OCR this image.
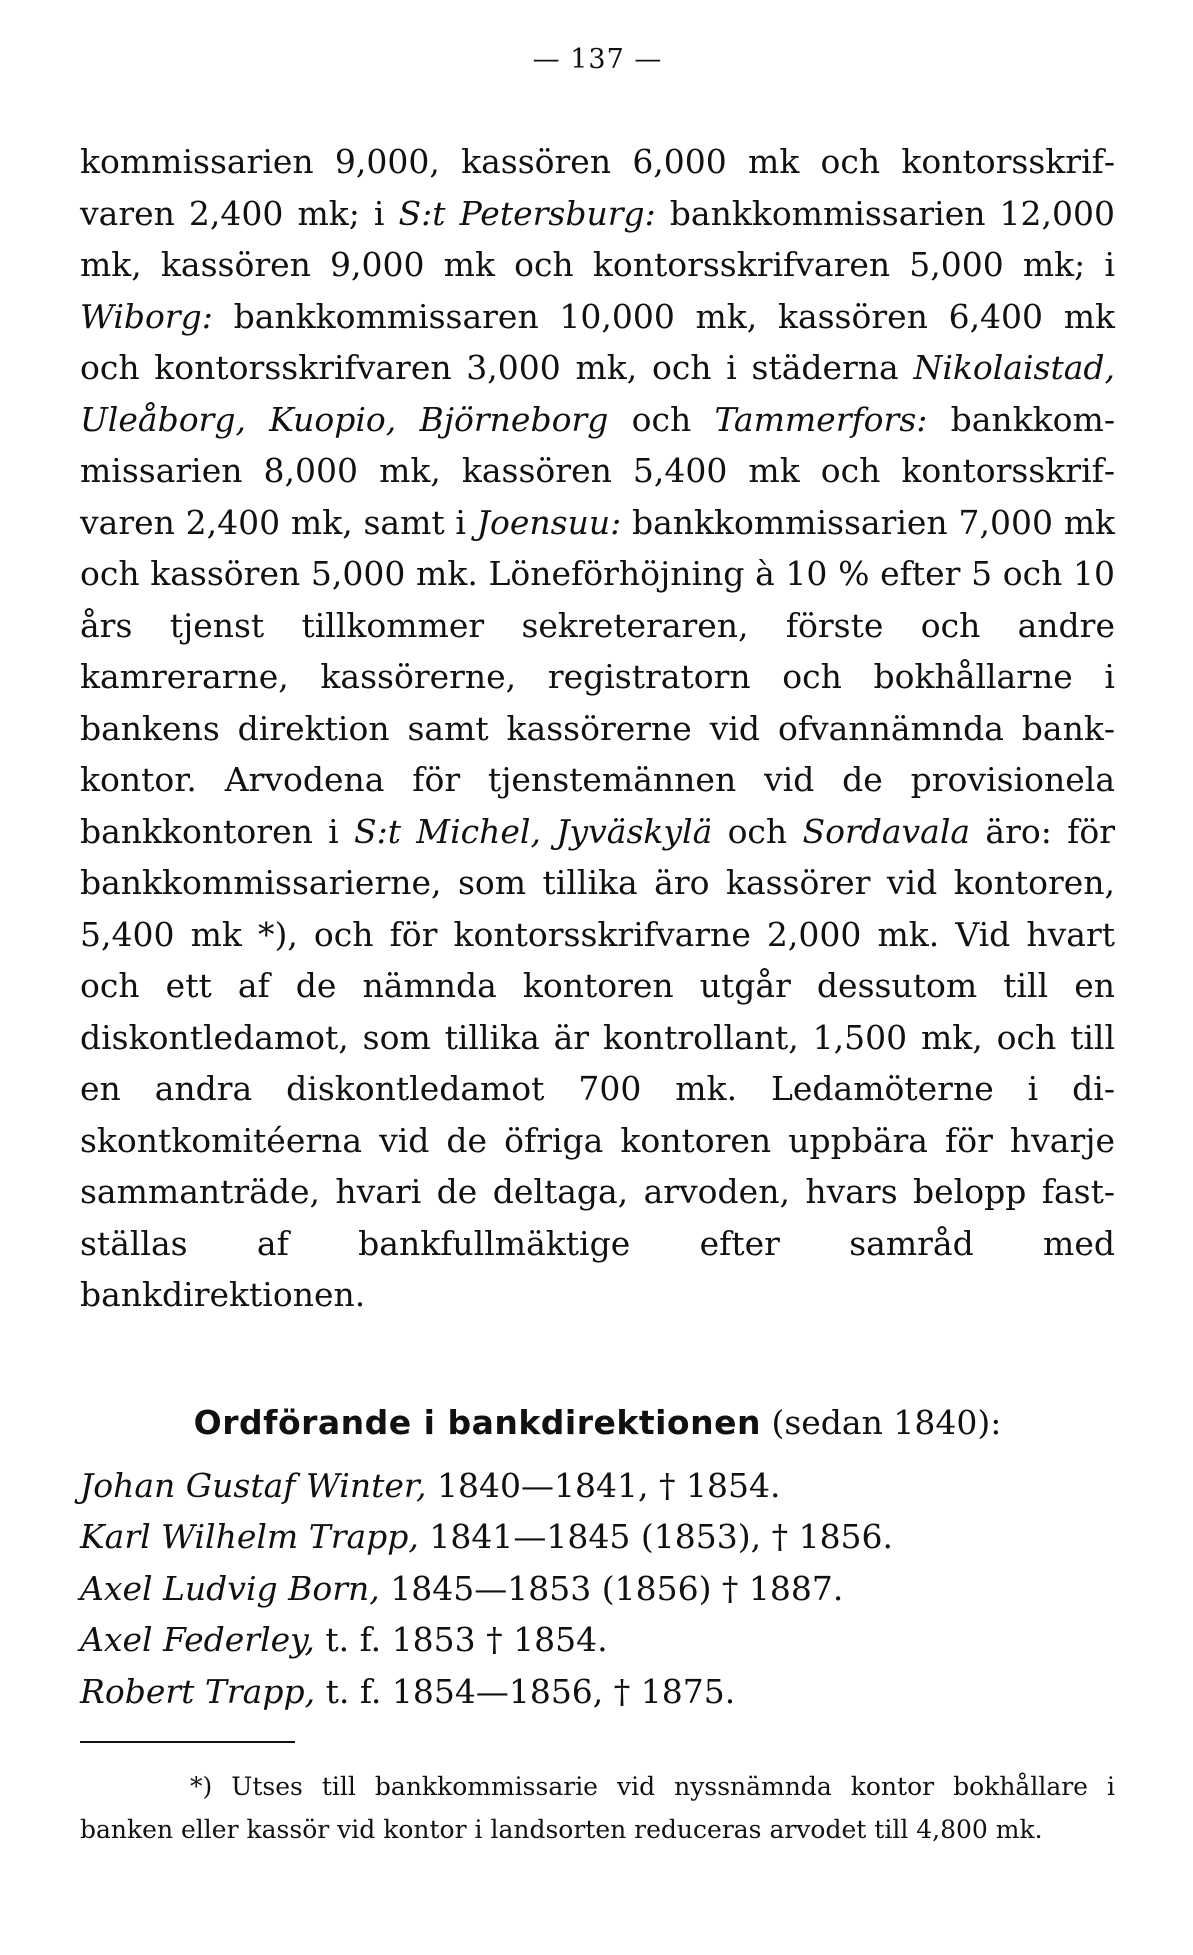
— 137 —

kommissarien 9,000, kassören 6,000 mk och kontorsskrifvaren 2,400 mk; i S:t Petersburg: bankkommissarien 12,000 mk, kassören 9,000 mk och kontorsskrifvaren 5,000 mk; i Wiborg: bankkommissaren 10,000 mk, kassören 6,400 mk och kontorsskrifvaren 3,000 mk, och i städerna Nikolaistad, Uleåborg, Kuopio, Björneborg och Tammerfors: bankkommissarien 8,000 mk, kassören 5,400 mk och kontorsskrifvaren 2,400 mk, samt i Joensuu: bankkommissarien 7,000 mk och kassören 5,000 mk. Löneförhöjning à 10 % efter 5 och 10 års tjenst tillkommer sekreteraren, förste och andre kamrerarne, kassörerne, registratorn och bokhållarne i bankens direktion samt kassörerne vid ofvannämnda bankkontor. Arvodena för tjenstemännen vid de provisionela bankkontoren i S:t Michel, Jyväskylä och Sordavala äro: för bankkommissarierne, som tillika äro kassörer vid kontoren, 5,400 mk *), och för kontorsskrifvarne 2,000 mk. Vid hvart och ett af de nämnda kontoren utgår dessutom till en diskontledamot, som tillika är kontrollant, 1,500 mk, och till en andra diskontledamot 700 mk. Ledamöterne i diskontkomitéerna vid de öfriga kontoren uppbära för hvarje sammanträde, hvari de deltaga, arvoden, hvars belopp fastställas af bankfullmäktige efter samråd med bankdirektionen.

Ordförande i bankdirektionen (sedan 1840):
Johan Gustaf Winter, 1840—1841, † 1854.
Karl Wilhelm Trapp, 1841—1845 (1853), † 1856.
Axel Ludvig Born, 1845—1853 (1856) † 1887.
Axel Federley, t. f. 1853 † 1854.
Robert Trapp, t. f. 1854—1856, † 1875.

*) Utses till bankkommissarie vid nyssnämnda kontor bokhållare i banken eller kassör vid kontor i landsorten reduceras arvodet till 4,800 mk.
